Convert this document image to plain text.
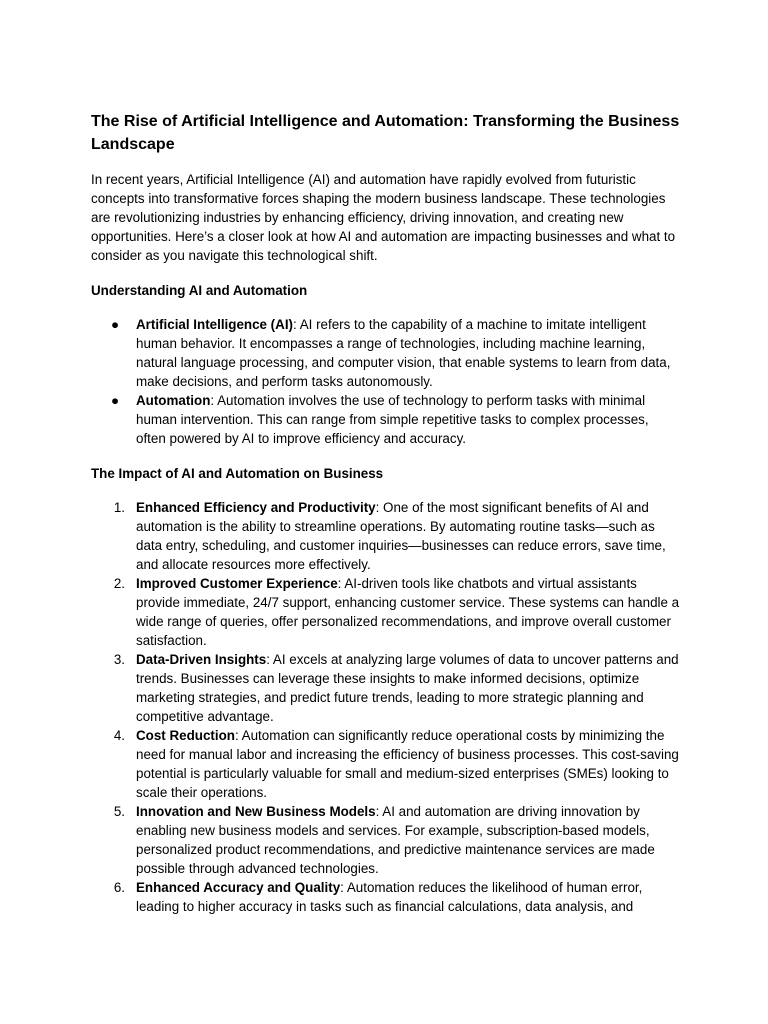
The Rise of Artificial Intelligence and Automation: Transforming the Business Landscape

In recent years, Artificial Intelligence (AI) and automation have rapidly evolved from futuristic concepts into transformative forces shaping the modern business landscape. These technologies are revolutionizing industries by enhancing efficiency, driving innovation, and creating new opportunities. Here’s a closer look at how AI and automation are impacting businesses and what to consider as you navigate this technological shift.

Understanding AI and Automation
● Artificial Intelligence (AI): AI refers to the capability of a machine to imitate intelligent human behavior. It encompasses a range of technologies, including machine learning, natural language processing, and computer vision, that enable systems to learn from data, make decisions, and perform tasks autonomously.
● Automation: Automation involves the use of technology to perform tasks with minimal human intervention. This can range from simple repetitive tasks to complex processes, often powered by AI to improve efficiency and accuracy.
The Impact of AI and Automation on Business
1. Enhanced Efficiency and Productivity: One of the most significant benefits of AI and automation is the ability to streamline operations. By automating routine tasks—such as data entry, scheduling, and customer inquiries—businesses can reduce errors, save time, and allocate resources more effectively.
2. Improved Customer Experience: AI-driven tools like chatbots and virtual assistants provide immediate, 24/7 support, enhancing customer service. These systems can handle a wide range of queries, offer personalized recommendations, and improve overall customer satisfaction.
3. Data-Driven Insights: AI excels at analyzing large volumes of data to uncover patterns and trends. Businesses can leverage these insights to make informed decisions, optimize marketing strategies, and predict future trends, leading to more strategic planning and competitive advantage.
4. Cost Reduction: Automation can significantly reduce operational costs by minimizing the need for manual labor and increasing the efficiency of business processes. This cost-saving potential is particularly valuable for small and medium-sized enterprises (SMEs) looking to scale their operations.
5. Innovation and New Business Models: AI and automation are driving innovation by enabling new business models and services. For example, subscription-based models, personalized product recommendations, and predictive maintenance services are made possible through advanced technologies.
6. Enhanced Accuracy and Quality: Automation reduces the likelihood of human error, leading to higher accuracy in tasks such as financial calculations, data analysis, and
